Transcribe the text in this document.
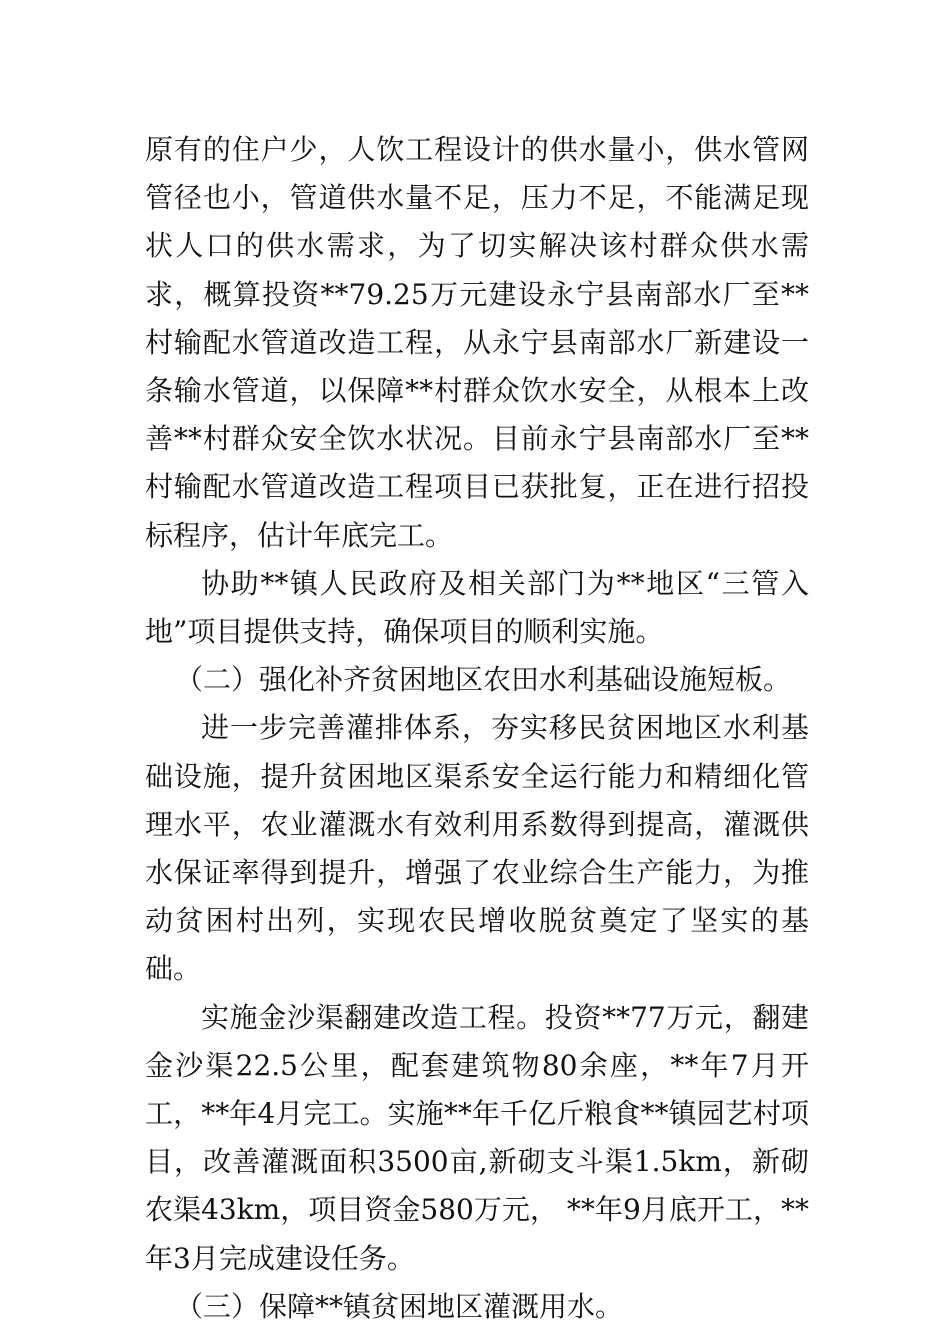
原有的住户少，人饮工程设计的供水量小，供水管网管径也小，管道供水量不足，压力不足，不能满足现状人口的供水需求，为了切实解决该村群众供水需求，概算投资**79.25万元建设永宁县南部水厂至**村输配水管道改造工程，从永宁县南部水厂新建设一条输水管道，以保障**村群众饮水安全，从根本上改善**村群众安全饮水状况。目前永宁县南部水厂至**村输配水管道改造工程项目已获批复，正在进行招投标程序，估计年底完工。

协助**镇人民政府及相关部门为**地区“三管入地”项目提供支持，确保项目的顺利实施。

（二）强化补齐贫困地区农田水利基础设施短板。

进一步完善灌排体系，夯实移民贫困地区水利基础设施，提升贫困地区渠系安全运行能力和精细化管理水平，农业灌溉水有效利用系数得到提高，灌溉供水保证率得到提升，增强了农业综合生产能力，为推动贫困村出列，实现农民增收脱贫奠定了坚实的基础。

实施金沙渠翻建改造工程。投资**77万元，翻建金沙渠22.5公里，配套建筑物80余座，**年7月开工，**年4月完工。实施**年千亿斤粮食**镇园艺村项目，改善灌溉面积3500亩,新砌支斗渠1.5km，新砌农渠43km，项目资金580万元， **年9月底开工，**年3月完成建设任务。

（三）保障**镇贫困地区灌溉用水。
